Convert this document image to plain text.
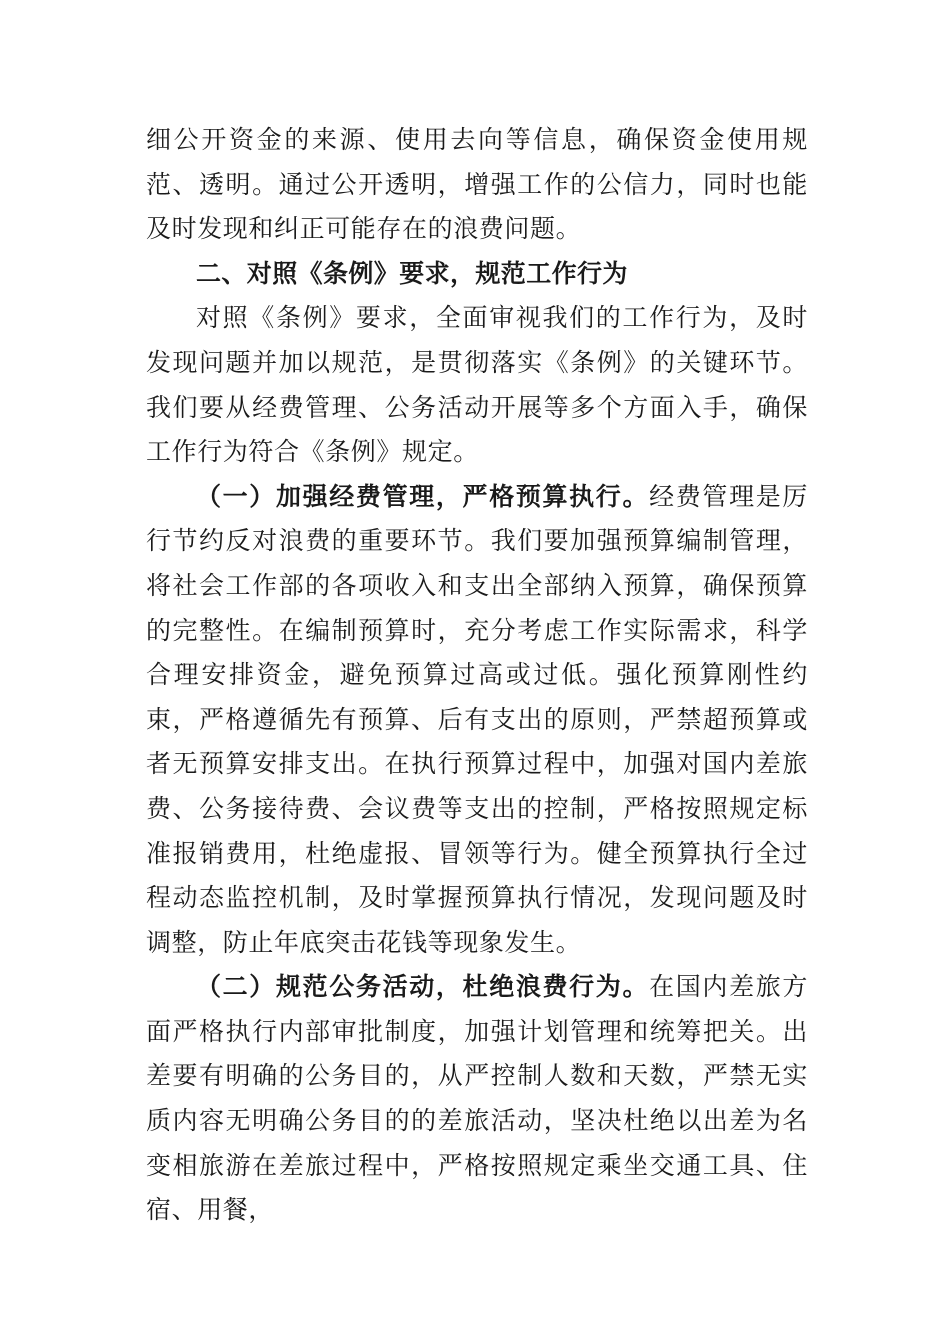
细公开资金的来源、使用去向等信息，确保资金使用规范、透明。通过公开透明，增强工作的公信力，同时也能及时发现和纠正可能存在的浪费问题。

二、对照《条例》要求，规范工作行为

对照《条例》要求，全面审视我们的工作行为，及时发现问题并加以规范，是贯彻落实《条例》的关键环节。我们要从经费管理、公务活动开展等多个方面入手，确保工作行为符合《条例》规定。

（一）加强经费管理，严格预算执行。经费管理是厉行节约反对浪费的重要环节。我们要加强预算编制管理，将社会工作部的各项收入和支出全部纳入预算，确保预算的完整性。在编制预算时，充分考虑工作实际需求，科学合理安排资金，避免预算过高或过低。强化预算刚性约束，严格遵循先有预算、后有支出的原则，严禁超预算或者无预算安排支出。在执行预算过程中，加强对国内差旅费、公务接待费、会议费等支出的控制，严格按照规定标准报销费用，杜绝虚报、冒领等行为。健全预算执行全过程动态监控机制，及时掌握预算执行情况，发现问题及时调整，防止年底突击花钱等现象发生。

（二）规范公务活动，杜绝浪费行为。在国内差旅方面严格执行内部审批制度，加强计划管理和统筹把关。出差要有明确的公务目的，从严控制人数和天数，严禁无实质内容无明确公务目的的差旅活动，坚决杜绝以出差为名变相旅游在差旅过程中，严格按照规定乘坐交通工具、住宿、用餐，
